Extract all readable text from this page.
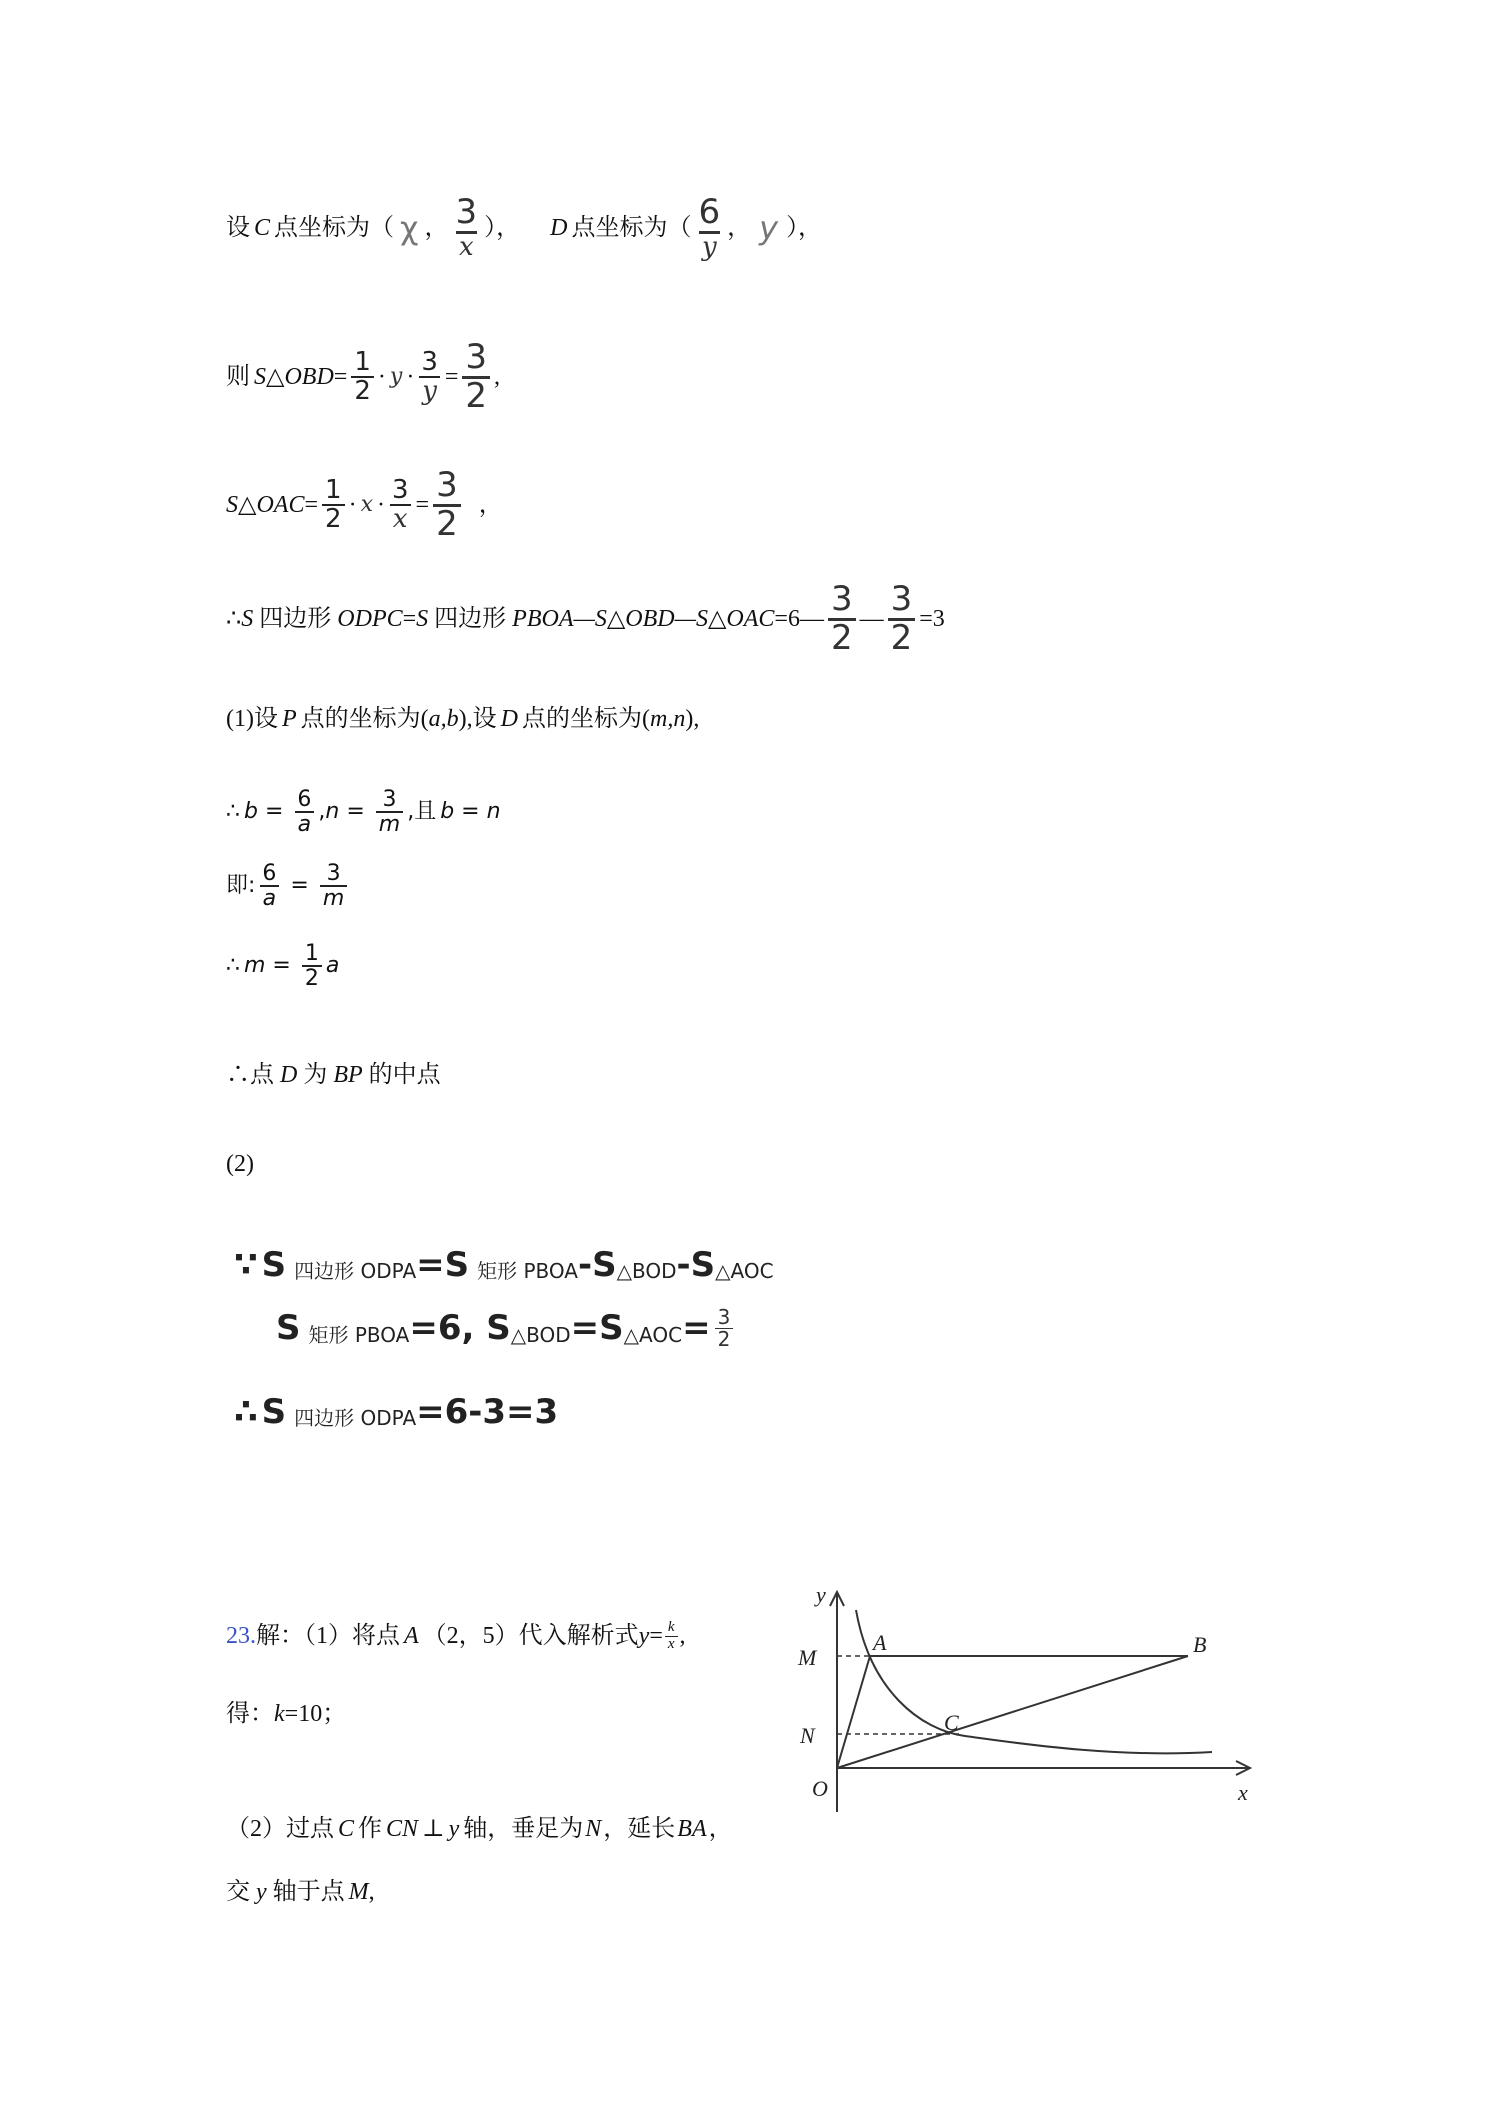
设 C 点坐标为（ χ ， $\frac{3}{x}$ ）， D 点坐标为（ $\frac{6}{y}$ ， y ），
则 S△OBD = $\frac{1}{2} \cdot y \cdot \frac{3}{y} = \frac{3}{2}$ ,
S△OAC = $\frac{1}{2} \cdot x \cdot \frac{3}{x} = \frac{3}{2}$ ，
∴ S 四边形 ODPC = S 四边形 PBOA —S△OBD—S△OAC =6— $\frac{3}{2}$ — $\frac{3}{2} =3$
(1)设 P 点的坐标为(a,b),设 D 点的坐标为(m,n),
∴ $b = \frac{6}{a}$ , $n = \frac{3}{m}$ ,且 b = n
即: $\frac{6}{a} = \frac{3}{m}$
∴ $m = \frac{1}{2}$ a
∴点 D 为 BP 的中点
(2)
∵ S 四边形 ODPA =S 矩形 PBOA -S △BOD -S △AOC
S 矩形 PBOA =6, S △BOD =S △AOC = $\frac{3}{2}$
∴ S 四边形 ODPA =6-3=3
23. 解：（1）将点 A （2，5）代入解析式 $y = \frac{k}{x}$ ,
得：k=10；
（2）过点 C 作 CN ⊥ y 轴，垂足为N，延长BA，
交 y 轴于点 M,
y
x
O
M
N
A	B
C
